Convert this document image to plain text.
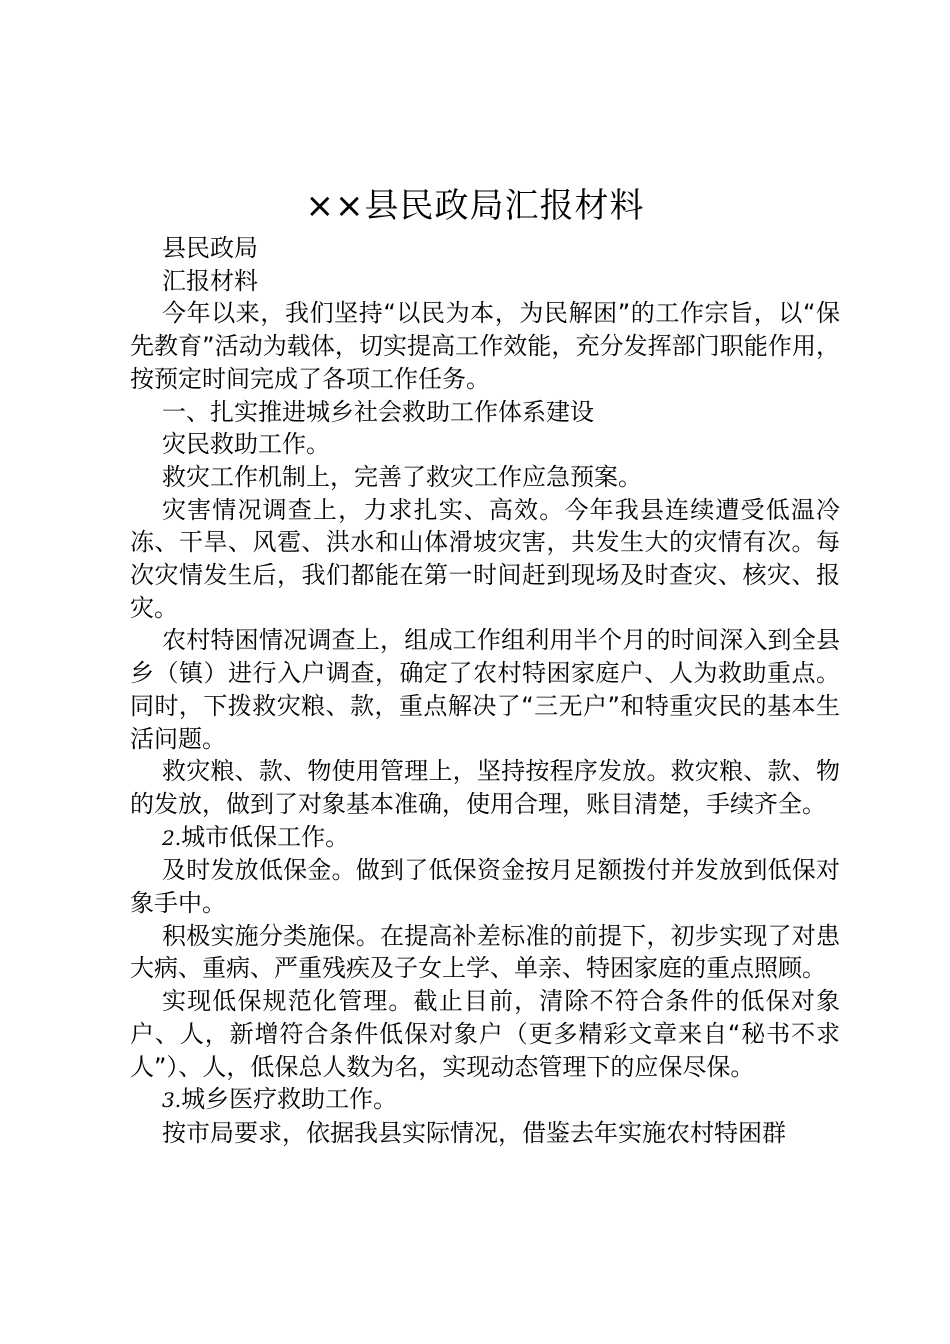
××县民政局汇报材料

县民政局

汇报材料

今年以来，我们坚持“以民为本，为民解困”的工作宗旨，以“保先教育”活动为载体，切实提高工作效能，充分发挥部门职能作用，按预定时间完成了各项工作任务。

一、扎实推进城乡社会救助工作体系建设

灾民救助工作。

救灾工作机制上，完善了救灾工作应急预案。

灾害情况调查上，力求扎实、高效。今年我县连续遭受低温冷冻、干旱、风雹、洪水和山体滑坡灾害，共发生大的灾情有次。每次灾情发生后，我们都能在第一时间赶到现场及时查灾、核灾、报灾。

农村特困情况调查上，组成工作组利用半个月的时间深入到全县乡（镇）进行入户调查，确定了农村特困家庭户、人为救助重点。同时，下拨救灾粮、款，重点解决了“三无户”和特重灾民的基本生活问题。

救灾粮、款、物使用管理上，坚持按程序发放。救灾粮、款、物的发放，做到了对象基本准确，使用合理，账目清楚，手续齐全。

2.城市低保工作。

及时发放低保金。做到了低保资金按月足额拨付并发放到低保对象手中。

积极实施分类施保。在提高补差标准的前提下，初步实现了对患大病、重病、严重残疾及子女上学、单亲、特困家庭的重点照顾。

实现低保规范化管理。截止目前，清除不符合条件的低保对象户、人，新增符合条件低保对象户（更多精彩文章来自“秘书不求人”）、人，低保总人数为名，实现动态管理下的应保尽保。

3.城乡医疗救助工作。

按市局要求，依据我县实际情况，借鉴去年实施农村特困群
